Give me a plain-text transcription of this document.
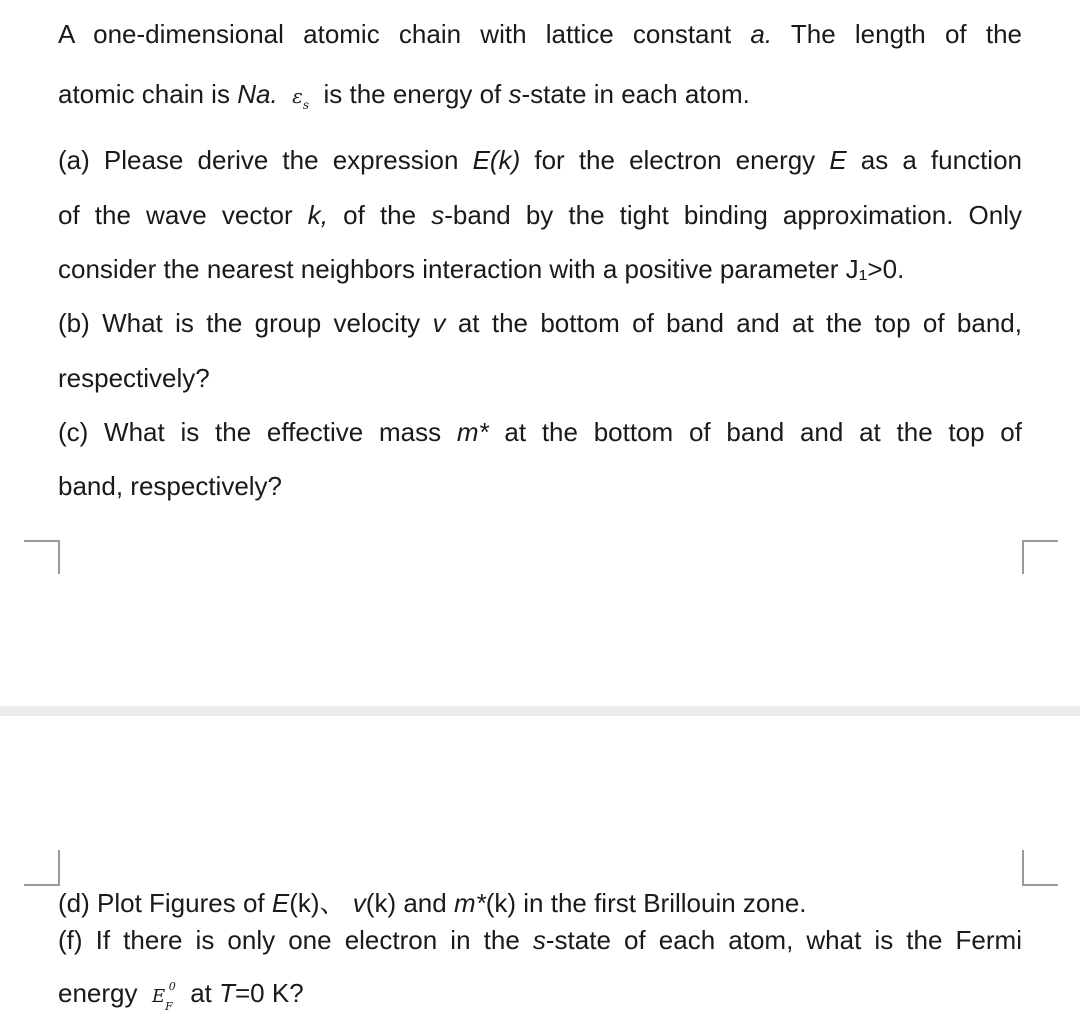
A one-dimensional atomic chain with lattice constant a. The length of the
atomic chain is Na. $\varepsilon_s$ is the energy of s-state in each atom.
(a) Please derive the expression E(k) for the electron energy E as a function
of the wave vector k, of the s-band by the tight binding approximation. Only
consider the nearest neighbors interaction with a positive parameter J₁>0.
(b) What is the group velocity v at the bottom of band and at the top of band,
respectively?
(c) What is the effective mass m* at the bottom of band and at the top of
band, respectively?
(d) Plot Figures of E(k)、 v(k) and m*(k) in the first Brillouin zone.
(f) If there is only one electron in the s-state of each atom, what is the Fermi
energy $E_F^0$ at T=0 K?
